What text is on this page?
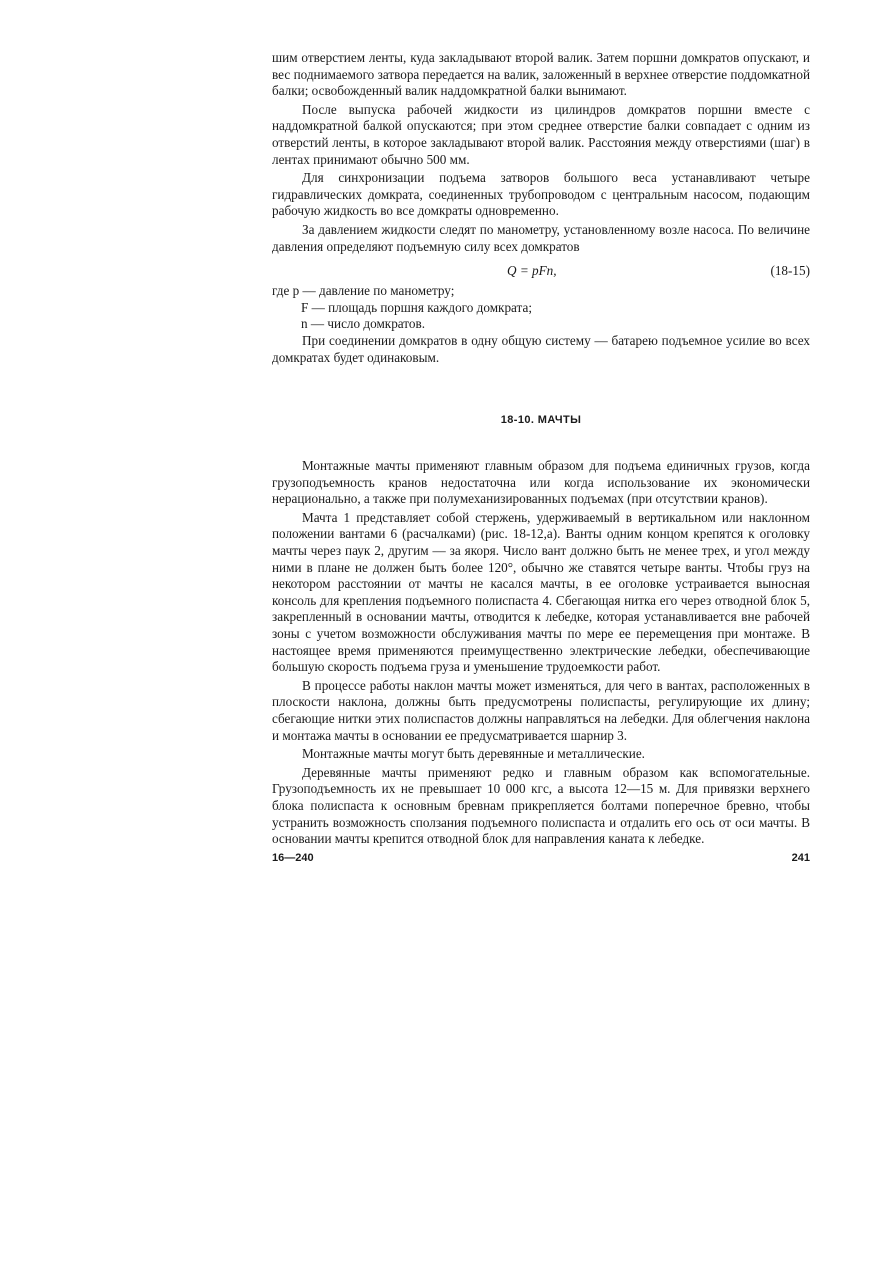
шим отверстием ленты, куда закладывают второй валик. Затем поршни домкратов опускают, и вес поднимаемого затвора передается на валик, заложенный в верхнее отверстие поддомкатной балки; освобожденный валик наддомкратной балки вынимают.

После выпуска рабочей жидкости из цилиндров домкратов поршни вместе с наддомкратной балкой опускаются; при этом среднее отверстие балки совпадает с одним из отверстий ленты, в которое закладывают второй валик. Расстояния между отверстиями (шаг) в лентах принимают обычно 500 мм.

Для синхронизации подъема затворов большого веса устанавливают четыре гидравлических домкрата, соединенных трубопроводом с центральным насосом, подающим рабочую жидкость во все домкраты одновременно.

За давлением жидкости следят по манометру, установленному возле насоса. По величине давления определяют подъемную силу всех домкратов

Q = pFn,	(18-15)
где p — давление по манометру;
F — площадь поршня каждого домкрата;
n — число домкратов.

При соединении домкратов в одну общую систему — батарею подъемное усилие во всех домкратах будет одинаковым.

18-10. МАЧТЫ

Монтажные мачты применяют главным образом для подъема единичных грузов, когда грузоподъемность кранов недостаточна или когда использование их экономически нерационально, а также при полумеханизированных подъемах (при отсутствии кранов).

Мачта 1 представляет собой стержень, удерживаемый в вертикальном или наклонном положении вантами 6 (расчалками) (рис. 18-12,а). Ванты одним концом крепятся к оголовку мачты через паук 2, другим — за якоря. Число вант должно быть не менее трех, и угол между ними в плане не должен быть более 120°, обычно же ставятся четыре ванты. Чтобы груз на некотором расстоянии от мачты не касался мачты, в ее оголовке устраивается выносная консоль для крепления подъемного полиспаста 4. Сбегающая нитка его через отводной блок 5, закрепленный в основании мачты, отводится к лебедке, которая устанавливается вне рабочей зоны с учетом возможности обслуживания мачты по мере ее перемещения при монтаже. В настоящее время применяются преимущественно электрические лебедки, обеспечивающие большую скорость подъема груза и уменьшение трудоемкости работ.

В процессе работы наклон мачты может изменяться, для чего в вантах, расположенных в плоскости наклона, должны быть предусмотрены полиспасты, регулирующие их длину; сбегающие нитки этих полиспастов должны направляться на лебедки. Для облегчения наклона и монтажа мачты в основании ее предусматривается шарнир 3.

Монтажные мачты могут быть деревянные и металлические.

Деревянные мачты применяют редко и главным образом как вспомогательные. Грузоподъемность их не превышает 10 000 кгс, а высота 12—15 м. Для привязки верхнего блока полиспаста к основным бревнам прикрепляется болтами поперечное бревно, чтобы устранить возможность сползания подъемного полиспаста и отдалить его ось от оси мачты. В основании мачты крепится отводной блок для направления каната к лебедке.

16—240	241
